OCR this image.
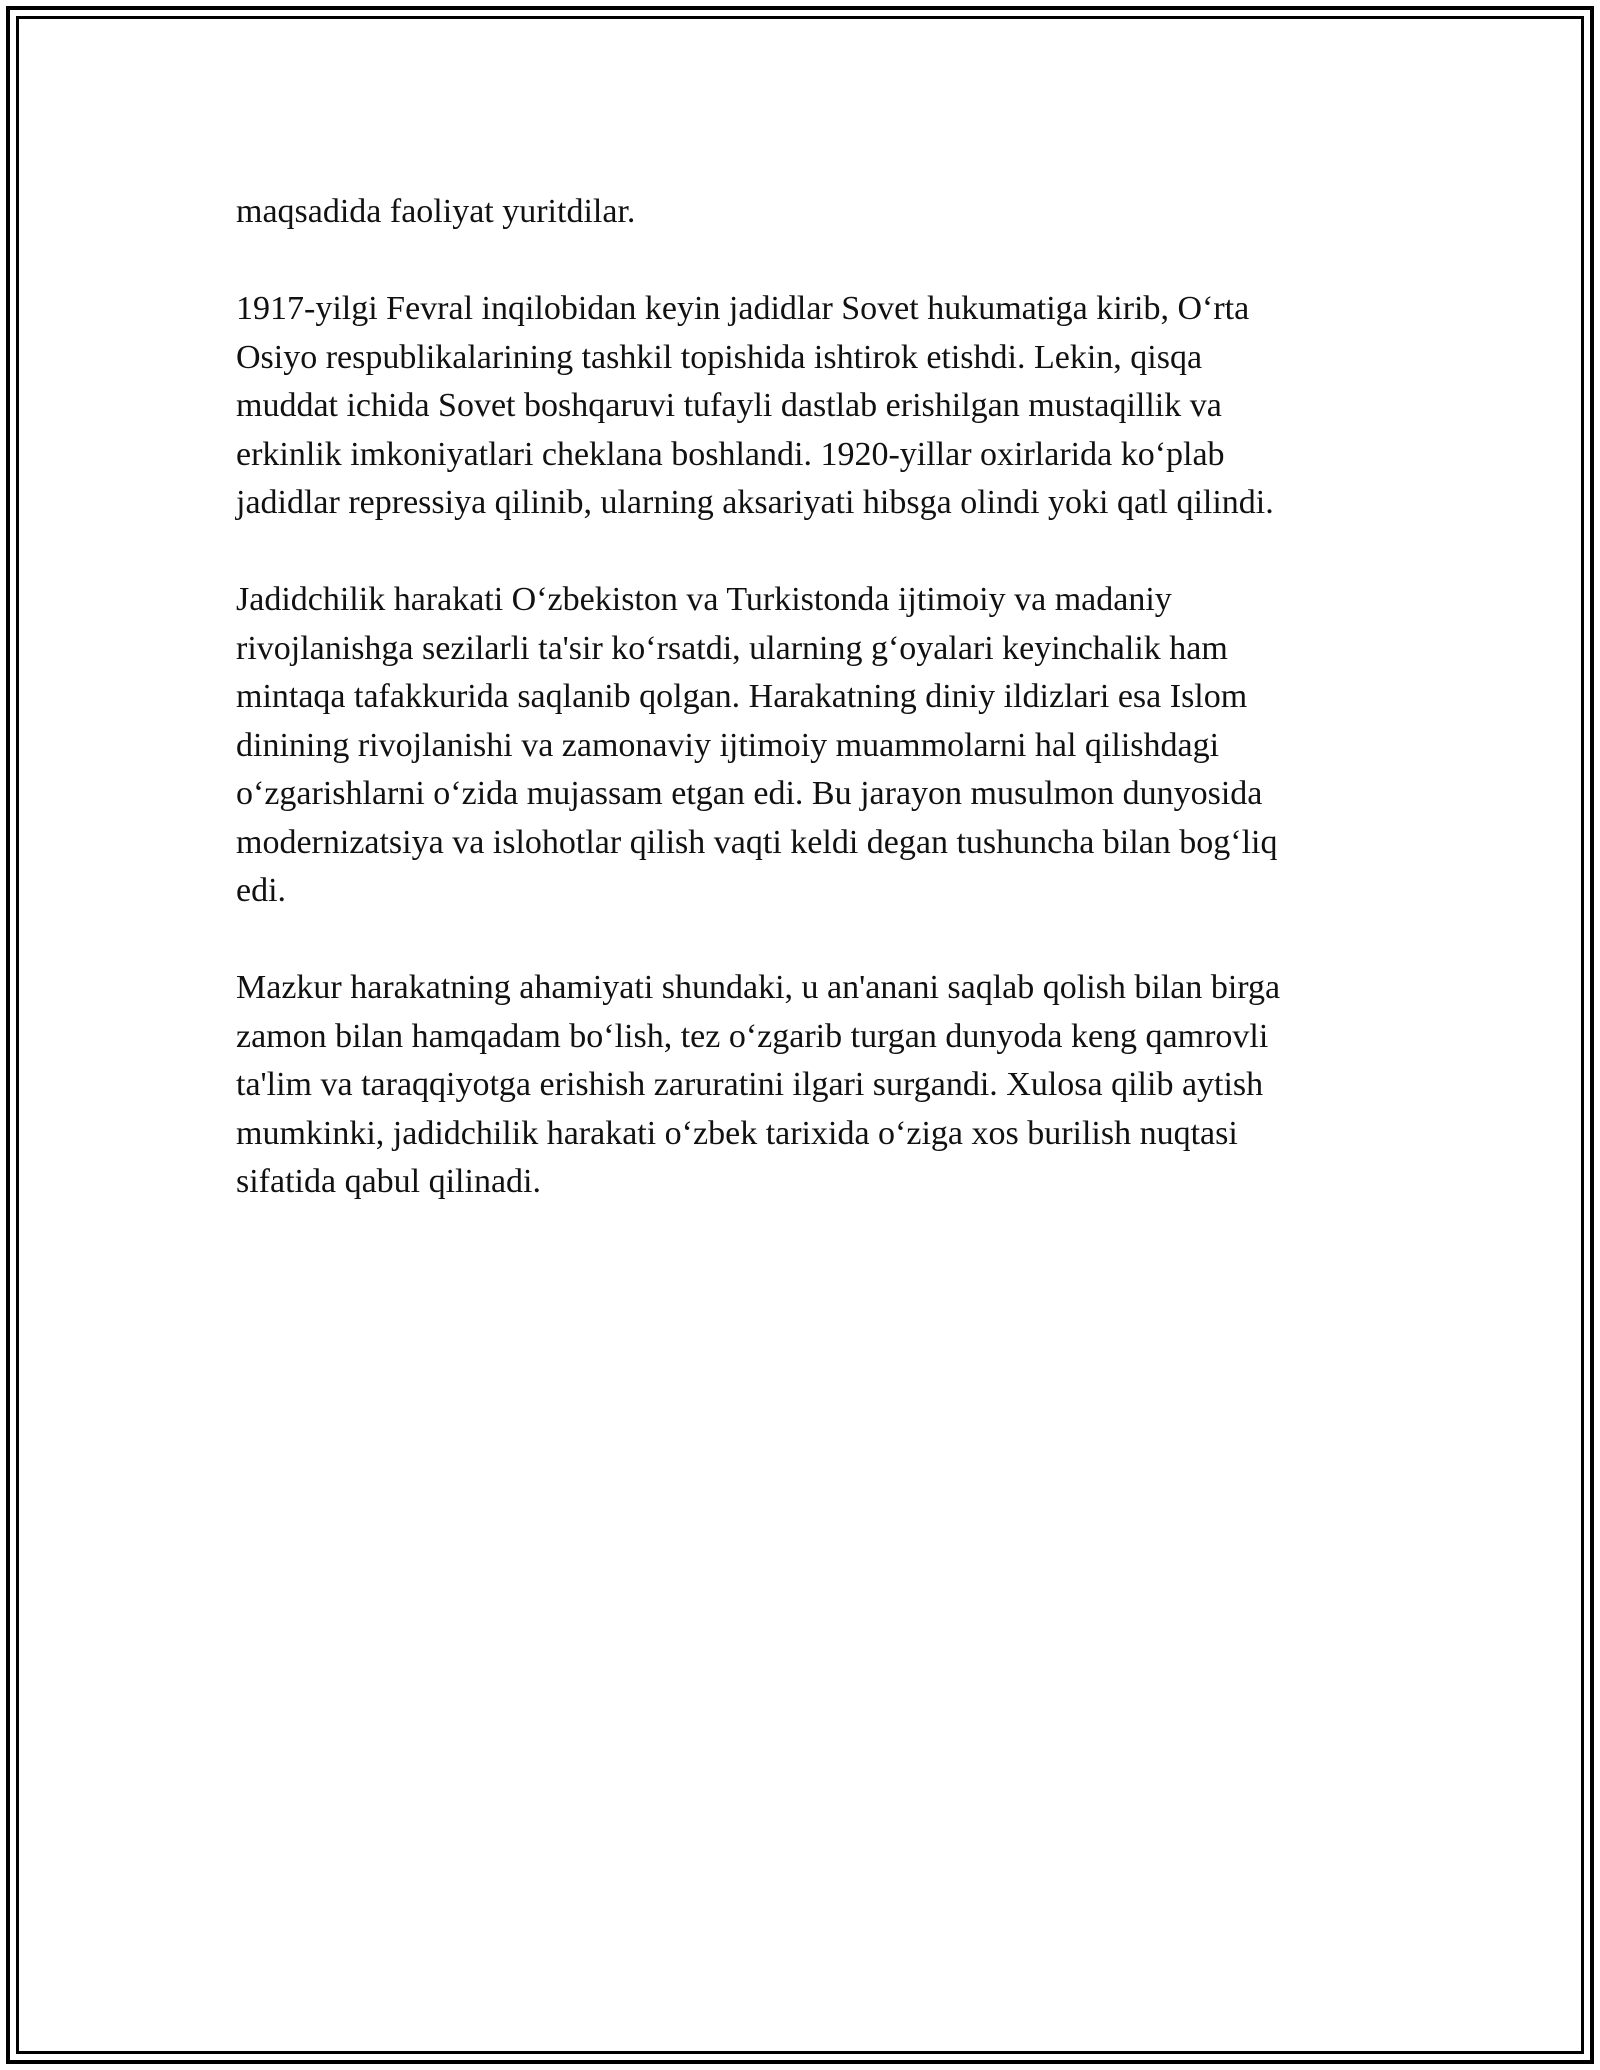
maqsadida faoliyat yuritdilar.

1917-yilgi Fevral inqilobidan keyin jadidlar Sovet hukumatiga kirib, O‘rta
Osiyo respublikalarining tashkil topishida ishtirok etishdi. Lekin, qisqa
muddat ichida Sovet boshqaruvi tufayli dastlab erishilgan mustaqillik va
erkinlik imkoniyatlari cheklana boshlandi. 1920-yillar oxirlarida ko‘plab
jadidlar repressiya qilinib, ularning aksariyati hibsga olindi yoki qatl qilindi.

Jadidchilik harakati O‘zbekiston va Turkistonda ijtimoiy va madaniy
rivojlanishga sezilarli ta'sir ko‘rsatdi, ularning g‘oyalari keyinchalik ham
mintaqa tafakkurida saqlanib qolgan. Harakatning diniy ildizlari esa Islom
dinining rivojlanishi va zamonaviy ijtimoiy muammolarni hal qilishdagi
o‘zgarishlarni o‘zida mujassam etgan edi. Bu jarayon musulmon dunyosida
modernizatsiya va islohotlar qilish vaqti keldi degan tushuncha bilan bog‘liq
edi.

Mazkur harakatning ahamiyati shundaki, u an'anani saqlab qolish bilan birga
zamon bilan hamqadam bo‘lish, tez o‘zgarib turgan dunyoda keng qamrovli
ta'lim va taraqqiyotga erishish zaruratini ilgari surgandi. Xulosa qilib aytish
mumkinki, jadidchilik harakati o‘zbek tarixida o‘ziga xos burilish nuqtasi
sifatida qabul qilinadi.
